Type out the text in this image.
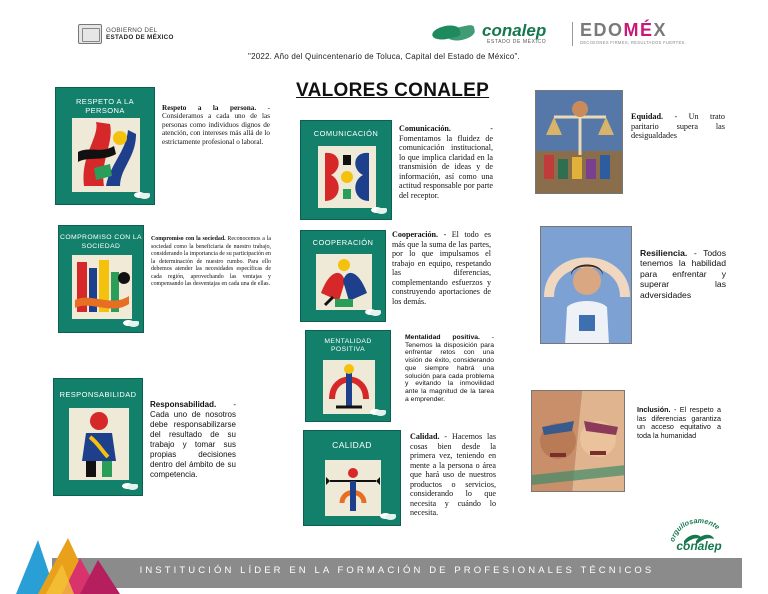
GOBIERNO DEL
ESTADO DE MÉXICO	conalep
ESTADO DE MÉXICO
EDOMÉX
DECISIONES FIRMES, RESULTADOS FUERTES.
"2022. Año del Quincentenario de Toluca, Capital del Estado de México".
VALORES CONALEP
RESPETO A LA PERSONA	Respeto a la persona. - Consideramos a cada uno de las personas como individuos dignos de atención, con intereses más allá de lo estrictamente profesional o laboral.
COMPROMISO CON LA SOCIEDAD
Compromiso con la sociedad. Reconocemos a la sociedad como la beneficiaria de nuestro trabajo, considerando la importancia de su participación en la determinación de nuestro rumbo. Para ello debemos atender las necesidades específicas de cada región, aprovechando las ventajas y compensando las desventajas en cada una de ellas.
RESPONSABILIDAD
Responsabilidad. - Cada uno de nosotros debe responsabilizarse del resultado de su trabajo y tomar sus propias decisiones dentro del ámbito de su competencia.
COMUNICACIÓN
Comunicación.	- Fomentamos la fluidez de comunicación institucional, lo que implica claridad en la transmisión de ideas y de información, así como una actitud responsable por parte del receptor.
COOPERACIÓN
Cooperación. - El todo es más que la suma de las partes, por lo que impulsamos el trabajo en equipo, respetando las diferencias, complementando esfuerzos y construyendo aportaciones de los demás.
MENTALIDAD POSITIVA
Mentalidad positiva. - Tenemos la disposición para enfrentar retos con una visión de éxito, considerando que siempre habrá una solución para cada problema y evitando la inmovilidad ante la magnitud de la tarea a emprender.
CALIDAD
Calidad. - Hacemos las cosas bien desde la primera vez, teniendo en mente a la persona o área que hará uso de nuestros productos o servicios, considerando lo que necesita y cuándo lo necesita.
Equidad. - Un trato paritario supera las desigualdades
Resiliencia. - Todos tenemos la habilidad para enfrentar y superar las adversidades
Inclusión. - El respeto a las diferencias garantiza un acceso equitativo a toda la humanidad
orgullosamente
conalep
INSTITUCIÓN LÍDER EN LA FORMACIÓN DE PROFESIONALES TÉCNICOS
